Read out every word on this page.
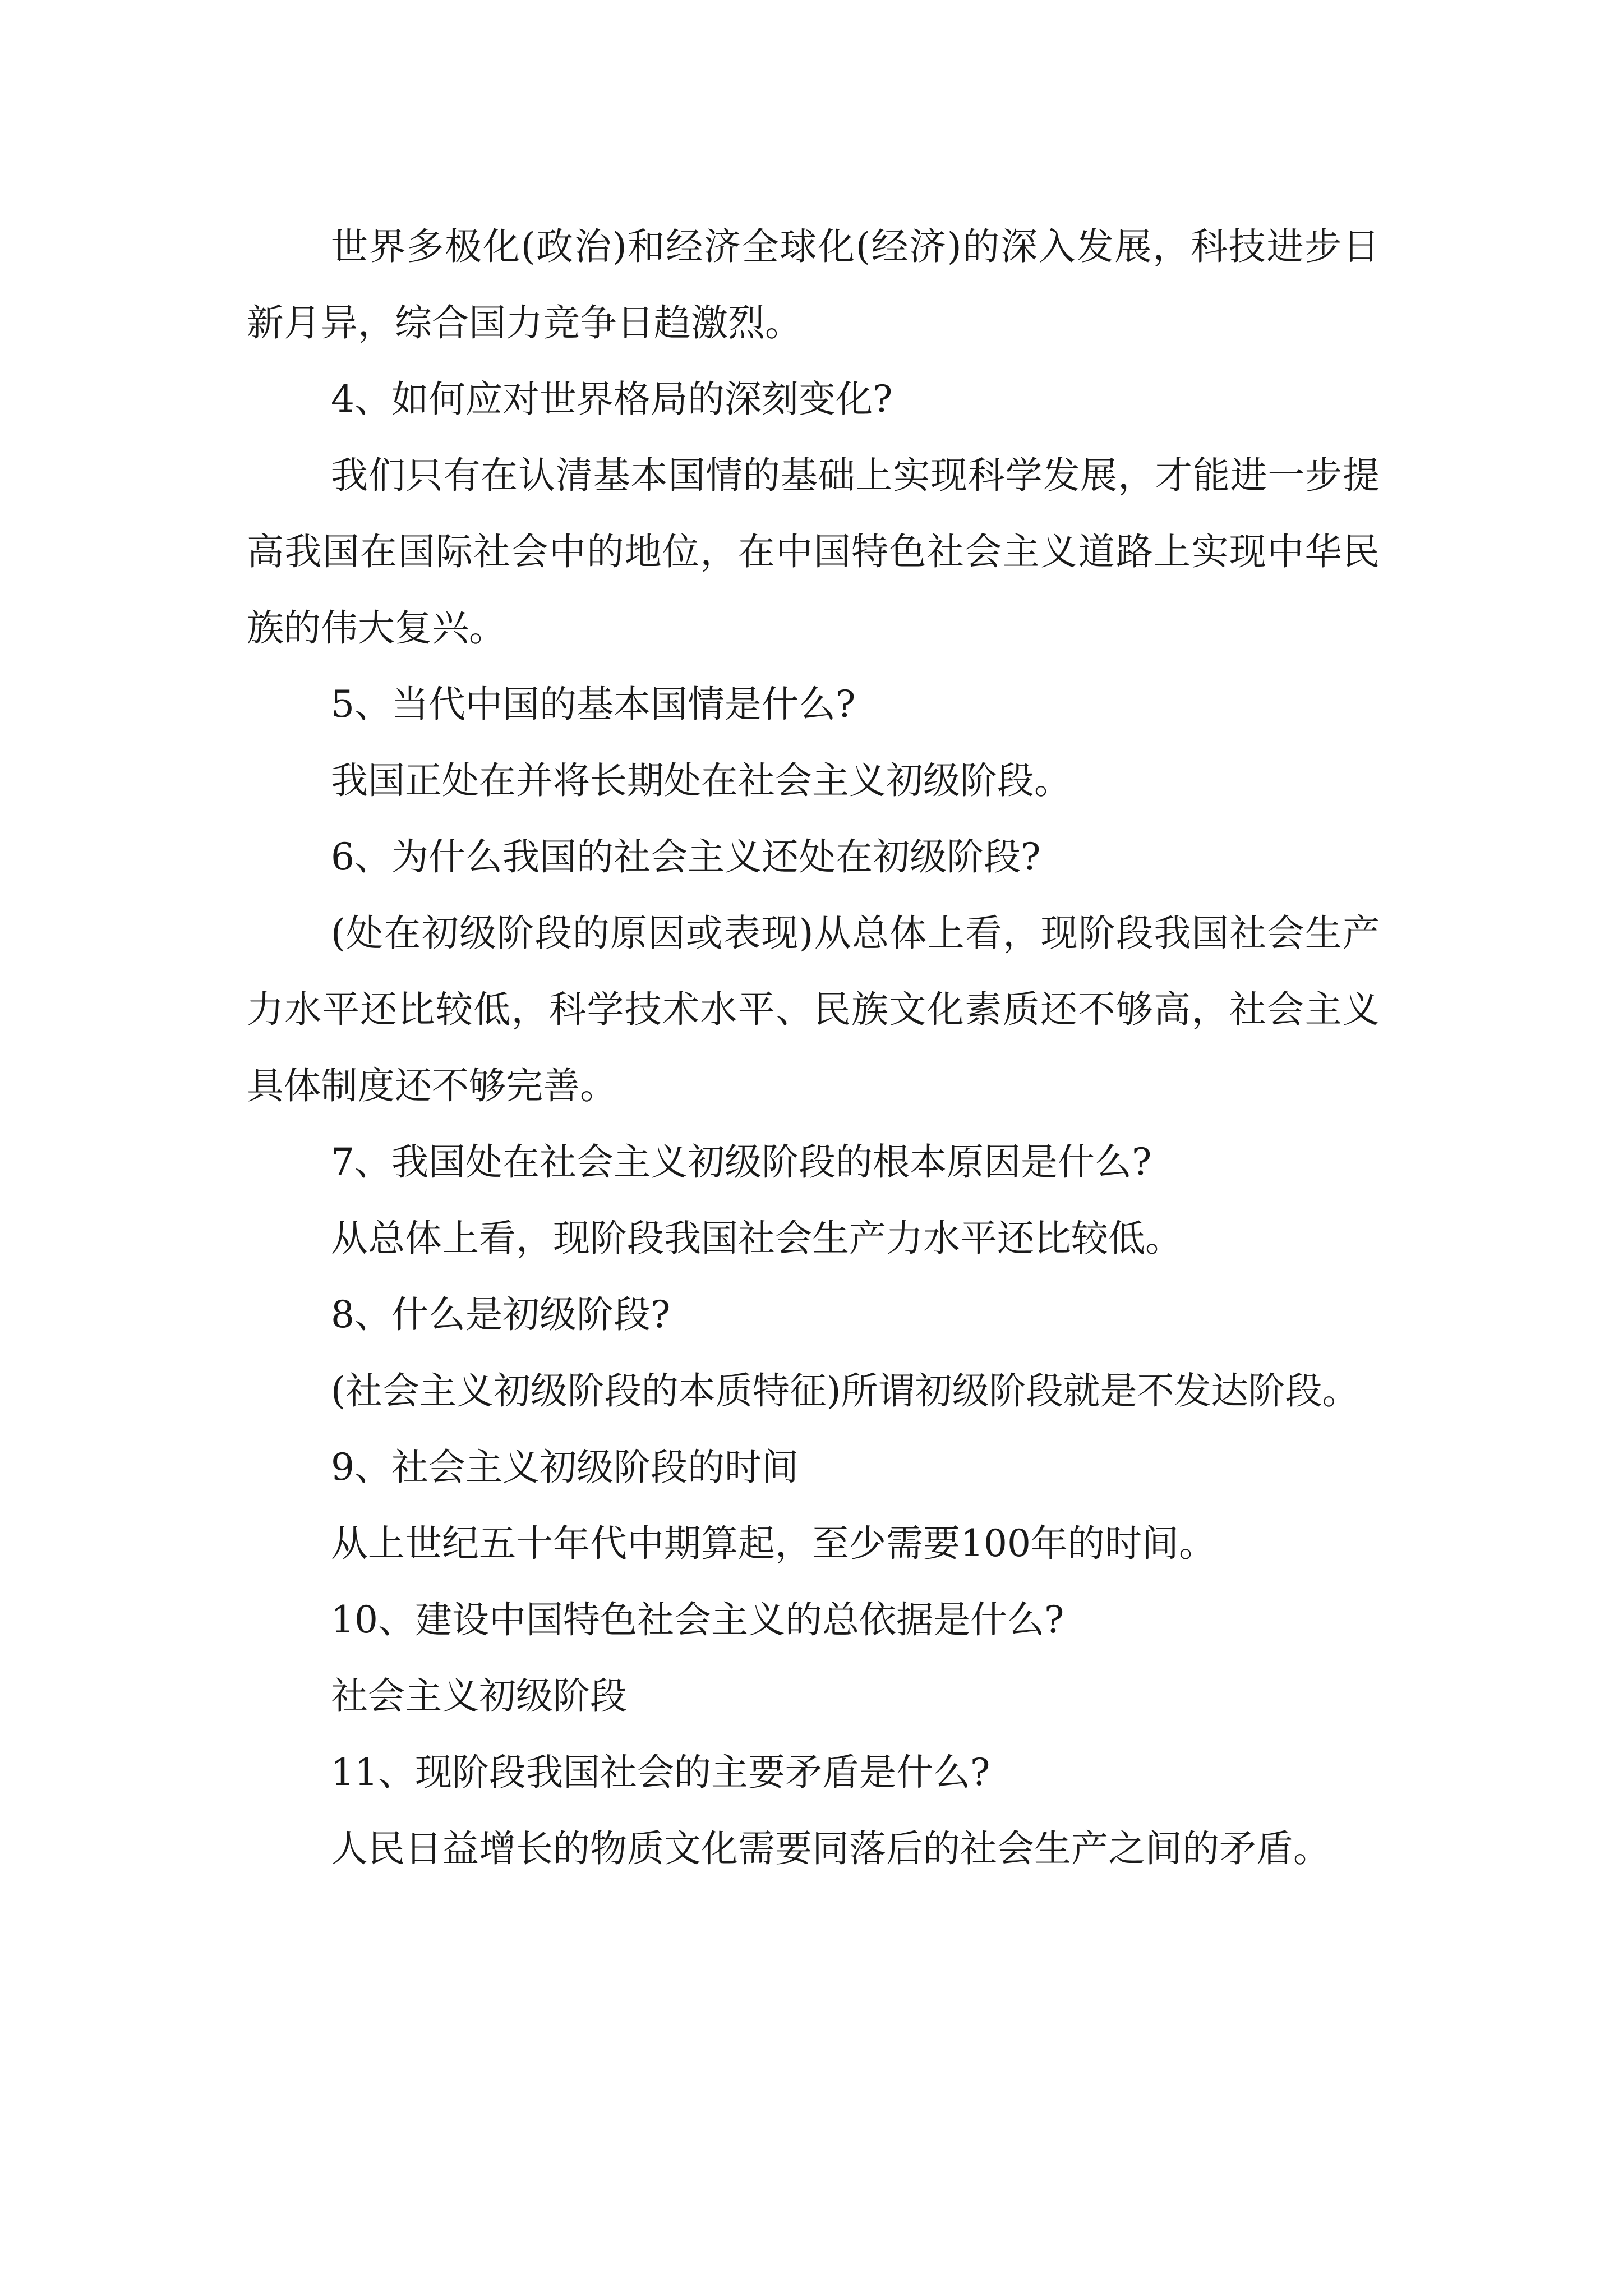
世界多极化(政治)和经济全球化(经济)的深入发展，科技进步日新月异，综合国力竞争日趋激烈。

4、如何应对世界格局的深刻变化?

我们只有在认清基本国情的基础上实现科学发展，才能进一步提高我国在国际社会中的地位，在中国特色社会主义道路上实现中华民族的伟大复兴。

5、当代中国的基本国情是什么?

我国正处在并将长期处在社会主义初级阶段。

6、为什么我国的社会主义还处在初级阶段?

(处在初级阶段的原因或表现)从总体上看，现阶段我国社会生产力水平还比较低，科学技术水平、民族文化素质还不够高，社会主义具体制度还不够完善。

7、我国处在社会主义初级阶段的根本原因是什么?

从总体上看，现阶段我国社会生产力水平还比较低。

8、什么是初级阶段?

(社会主义初级阶段的本质特征)所谓初级阶段就是不发达阶段。

9、社会主义初级阶段的时间

从上世纪五十年代中期算起，至少需要100年的时间。

10、建设中国特色社会主义的总依据是什么?

社会主义初级阶段

11、现阶段我国社会的主要矛盾是什么?

人民日益增长的物质文化需要同落后的社会生产之间的矛盾。
